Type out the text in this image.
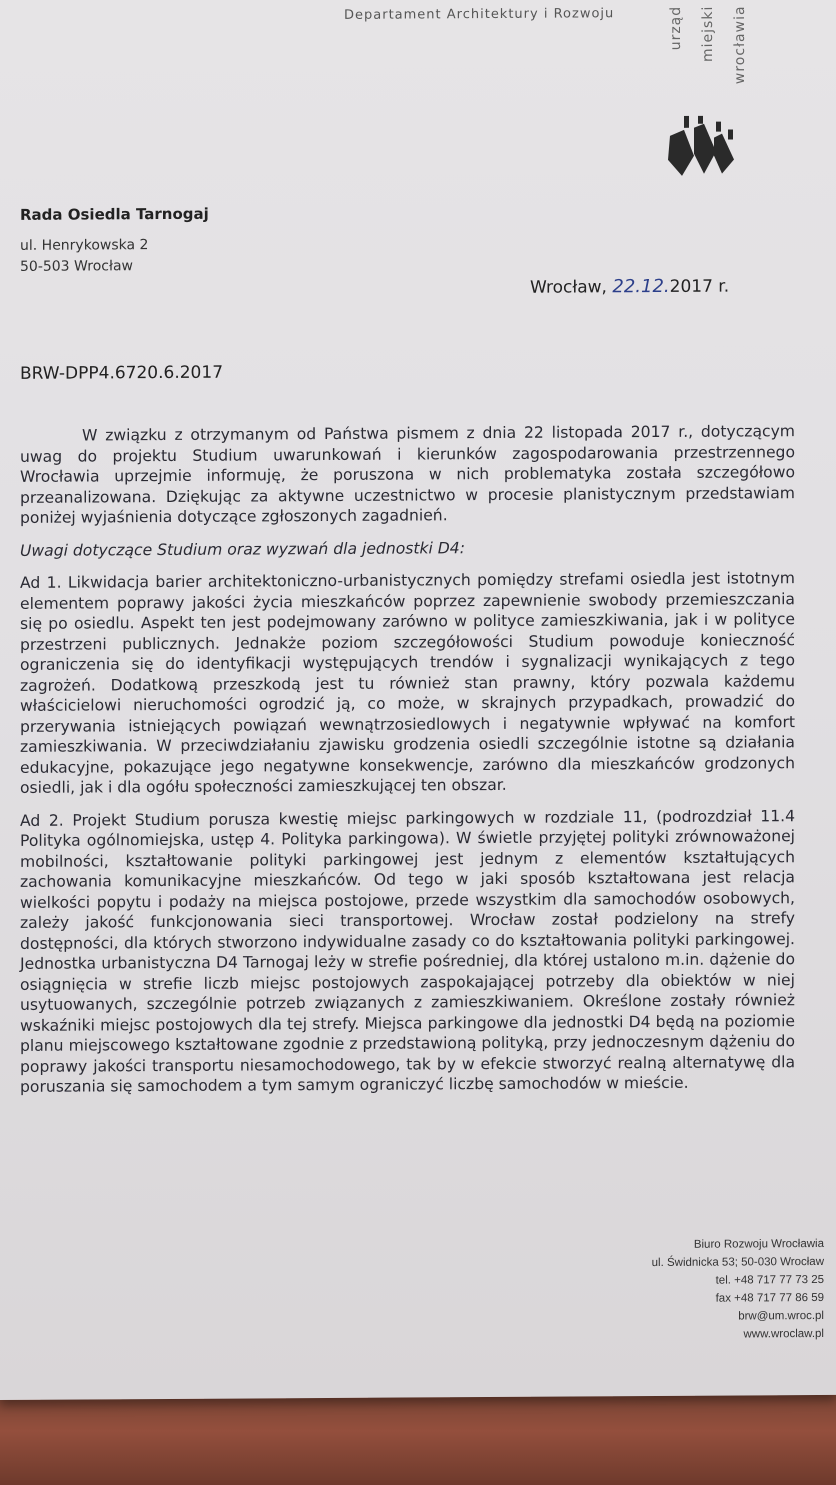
Departament Architektury i Rozwoju	urząd miejski wrocławia
Rada Osiedla Tarnogaj
ul. Henrykowska 2
50-503 Wrocław
Wrocław, 22.12.2017 r.
BRW-DPP4.6720.6.2017

W związku z otrzymanym od Państwa pismem z dnia 22 listopada 2017 r., dotyczącym uwag do projektu Studium uwarunkowań i kierunków zagospodarowania przestrzennego Wrocławia uprzejmie informuję, że poruszona w nich problematyka została szczegółowo przeanalizowana. Dziękując za aktywne uczestnictwo w procesie planistycznym przedstawiam poniżej wyjaśnienia dotyczące zgłoszonych zagadnień.

Uwagi dotyczące Studium oraz wyzwań dla jednostki D4:

Ad 1. Likwidacja barier architektoniczno-urbanistycznych pomiędzy strefami osiedla jest istotnym elementem poprawy jakości życia mieszkańców poprzez zapewnienie swobody przemieszczania się po osiedlu. Aspekt ten jest podejmowany zarówno w polityce zamieszkiwania, jak i w polityce przestrzeni publicznych. Jednakże poziom szczegółowości Studium powoduje konieczność ograniczenia się do identyfikacji występujących trendów i sygnalizacji wynikających z tego zagrożeń. Dodatkową przeszkodą jest tu również stan prawny, który pozwala każdemu właścicielowi nieruchomości ogrodzić ją, co może, w skrajnych przypadkach, prowadzić do przerywania istniejących powiązań wewnątrzosiedlowych i negatywnie wpływać na komfort zamieszkiwania. W przeciwdziałaniu zjawisku grodzenia osiedli szczególnie istotne są działania edukacyjne, pokazujące jego negatywne konsekwencje, zarówno dla mieszkańców grodzonych osiedli, jak i dla ogółu społeczności zamieszkującej ten obszar.

Ad 2. Projekt Studium porusza kwestię miejsc parkingowych w rozdziale 11, (podrozdział 11.4 Polityka ogólnomiejska, ustęp 4. Polityka parkingowa). W świetle przyjętej polityki zrównoważonej mobilności, kształtowanie polityki parkingowej jest jednym z elementów kształtujących zachowania komunikacyjne mieszkańców. Od tego w jaki sposób kształtowana jest relacja wielkości popytu i podaży na miejsca postojowe, przede wszystkim dla samochodów osobowych, zależy jakość funkcjonowania sieci transportowej. Wrocław został podzielony na strefy dostępności, dla których stworzono indywidualne zasady co do kształtowania polityki parkingowej. Jednostka urbanistyczna D4 Tarnogaj leży w strefie pośredniej, dla której ustalono m.in. dążenie do osiągnięcia w strefie liczb miejsc postojowych zaspokajającej potrzeby dla obiektów w niej usytuowanych, szczególnie potrzeb związanych z zamieszkiwaniem. Określone zostały również wskaźniki miejsc postojowych dla tej strefy. Miejsca parkingowe dla jednostki D4 będą na poziomie planu miejscowego kształtowane zgodnie z przedstawioną polityką, przy jednoczesnym dążeniu do poprawy jakości transportu niesamochodowego, tak by w efekcie stworzyć realną alternatywę dla poruszania się samochodem a tym samym ograniczyć liczbę samochodów w mieście.

Biuro Rozwoju Wrocławia
ul. Świdnicka 53; 50-030 Wrocław
tel. +48 717 77 73 25
fax +48 717 77 86 59
brw@um.wroc.pl
www.wroclaw.pl
